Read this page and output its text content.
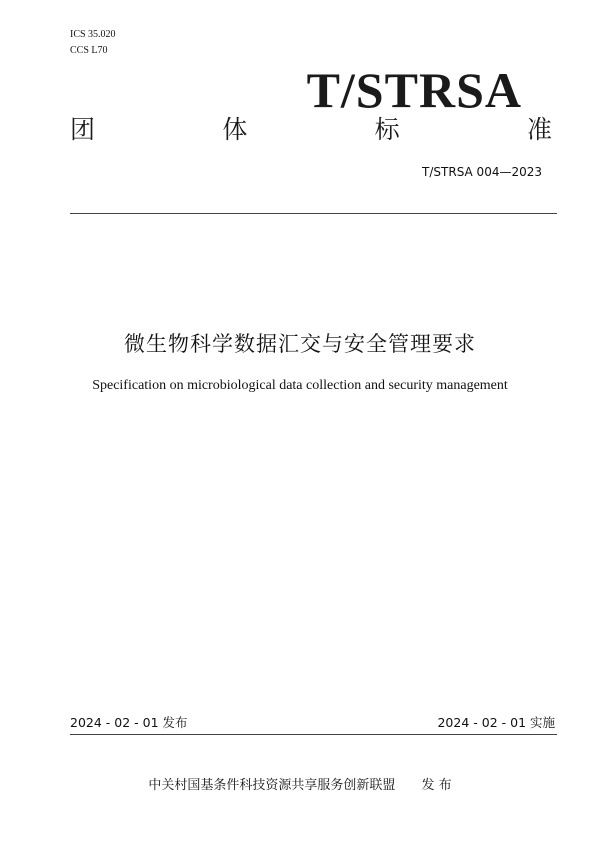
ICS 35.020
CCS L70
T/STRSA
团	体	标	准
T/STRSA 004—2023
微生物科学数据汇交与安全管理要求
Specification on microbiological data collection and security management
2024 - 02 - 01 发布	2024 - 02 - 01 实施
中关村国基条件科技资源共享服务创新联盟 发 布
